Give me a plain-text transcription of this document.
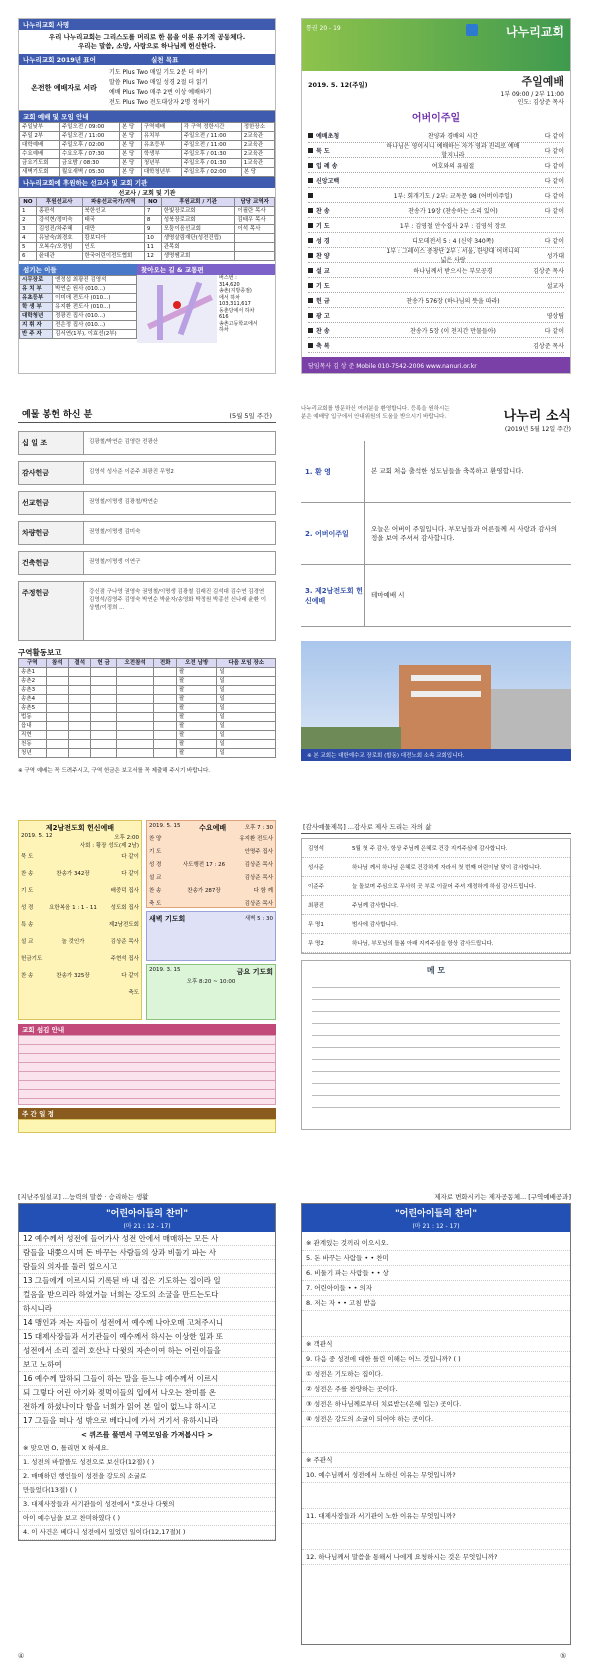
나누리교회 사명
우리 나누리교회는 그리스도를 머리로 한 몸을 이룬 유기적 공동체다.
우리는 말씀, 소망, 사랑으로 하나님께 헌신한다.
나누리교회 2019년 표어	실천 목표
온전한 예배자로 서라
기도 Plus Two 매일 기도 2분 더 하기
말씀 Plus Two 매일 성경 2절 더 읽기
예배 Plus Two 매주 2번 이상 예배하기
전도 Plus Two 전도대상자 2명 정하기
교회 예배 및 모임 안내
주일낮부	주일오전 / 09:00	본 당	구역예배	각 구역 정한시간	정한장소
주일 2부	주일오전 / 11:00	본 당	유치부	주일오전 / 11:00	2교육관
대학예배	주일오후 / 02:00	본 당	유초등부	주일오전 / 11:00	2교육관
수요예배	수요오후 / 07:30	본 당	학생부	주일오후 / 01:30	2교육관
금요기도회	금요밤 / 08:30	본 당	청년부	주일오후 / 01:30	1교육관
새벽기도회	월요새벽 / 05:30	본 당	대학청년부	주일오후 / 02:00	본 당
나누리교회에 후원하는 선교사 및 교회 기관
선교사 / 교회 및 기관
NO	후원선교사	파송선교국가/지역	NO	후원교회 / 기관	담당 교역자
1	홍판석	북한선교	7	한빛장로교회	이필란 목사
2	강석현/정미숙	태국	8	성북장로교회	김태우 목사
3	김성진/차주혜	대만	9	모둠이음선교회	이석 목사
4	유남숙/최경호	캄보디아	10	생명살림재단(성전건립)	
5	오복수/오정임	인도	11	관목회	
6	윤대관	한국어린이전도협회	12	생명쌤교회	
섬기는 이들
시무장로	엔정섭 최광진 김영석
유 치 부	박연순 원사 (010...)
유초등부	이미애 전도사 (010...)
학 생 부	유지환 전도사 (010...)
대학청년	정광진 집사 (010...)
지 휘 자	전은정 집사 (010...)
반 주 자	김서연(1부), 이효선(2부)
찾아오는 길 & 교통편
버스번 :
314,620
송촌(지방종점)
에서 하차
103,311,617
동춘당에서 하차
616
송촌고등학교에서
하차
통권 20 - 19	나누리교회
2019. 5. 12(주일)	주일예배
1부 09:00 / 2부 11:00
인도: 김상준 목사
어버이주일
예배초청	찬양과 경배의 시간	다 같이
묵 도
하나님은 영이시니 예배하는 자가 영과 진리로 예배할지니라
다 같이
입 례 송	여호와의 유월절	다 같이
신앙고백	다 같이
1부: 회개기도 / 2부: 교독문 98 (어버이주일)	다 같이
찬 송	찬송가 19장 (찬송하는 소리 있어)	다 같이
기 도	1부 : 김영철 안수집사 2부 : 김영석 장로
성 경	디모데전서 5 : 4 (신약 340쪽)	다 같이
찬 양
1부 : 그레이스 중창단 2부 : 서울, 한양대 어머니의 넓은 사랑
성가대
설 교	하나님께서 받으시는 부모공경	김상준 목사
기 도	설교자
헌 금	찬송가 576장 (하나님의 뜻을 따라)
광 고	영상팀
찬 송	찬송가 5장 (이 천지간 만물들아)	다 같이
축 복	김상준 목사
담임목사 김 상 준 Mobile 010-7542-2006 www.nanuri.or.kr
예물 봉헌 하신 분	(5월 5일 주간)
십 일 조	김광철/박연순 김영란 전광산
감사헌금	김영석 성사준 이준주 최광진 무명2
선교헌금	권영철/이명생 김광철/박연순
차량헌금	권영철/이명생 김미숙
건축헌금	권영철/이명생 이연구
주정헌금	강신점 구나영 권영숙 권영철/이명생 김광철 김래진 김석대 김수연 김경연 김영석/김영주 김영숙 박연순 박윤자/송영화 박정원 박종선 신나래 윤환 이상범/이정희 ...
구역활동보고
구역	참석	결석	헌 금	오전참석	전화	오전 남방	다음 모임 장소
송촌1						팔	일
송촌2						팔	일
송촌3						팔	일
송촌4						팔	일
송촌5						팔	일
법동						팔	일
읍내						팔	일
직현						팔	일
천동						팔	일
청년						팔	일
※ 구역 예배는 꼭 드려주시고, 구역 헌금은 보고서를 꼭 제출해 주시기 바랍니다.
나누리교회를 방문하신 여러분을 환영합니다. 등록을 원하시는 분은 예배당 입구에서 안내위원의 도움을 받으시기 바랍니다.	나누리 소식
(2019년 5월 12일 주간)
1. 환 영	본 교회 처음 출석한 성도님들을 축복하고 환영합니다.
2. 어버이주일
오늘은 어버이 주일입니다. 부모님들과 어른들께 서 사랑과 감사의 정을 보여 주셔서 감사합니다.
3. 제2남전도회 헌신예배
테마예배 시
※ 본 교회는 대한예수교 장로회 (합동) 대전노회 소속 교회입니다.
제2남전도회 헌신예배
2019. 5. 12	오후 2:00
사회 : 황장 성도(제 2남)
묵 도	다 같이
찬 송	찬송가 342장	다 같이
기 도	배중덕 집사
성 경	요한복음 1 : 1 - 11	성도회 집사
특 송	제2남전도회
설 교	놀 것인가	김상준 목사
헌금기도	주현석 집사
찬 송	찬송가 325장	다 같이
축도
2019. 5. 15	수요예배	오후 7 : 30
찬 양	유지환 전도사
기 도	안명주 집사
성 경	사도행전 17 : 26	김상준 목사
설 교	김상준 목사
찬 송	찬송가 287장	다 함 께
축 도	김상준 목사
새벽 기도회	새벽 5 : 30
2019. 3. 15	금요 기도회
오후 8:20 ~ 10:00
교회 섬김 안내
주 간 일 정
[감사예물제목] ...감사로 제사 드리는 자의 삶
김영석	5월 첫 주 감사, 항상 주님께 은혜로 건강 지켜주심에 감사합니다.
성사준	하나님 께서 하나님 은혜로 건강하게 자라서 첫 번째 어린이날 맞이 감사합니다.
이준주	늘 돌보며 주심으로 무사히 곳 부로 이끌어 주셔 재정하게 하심 감사드립니다.
최광진	주님께 감사합니다.
무 명1	범사에 감사합니다.
무 명2	하나님, 부모님의 돌봄 아래 지켜주심을 항상 감사드립니다.
메 모
[지난주일설교] ...능력의 말씀 · 승리하는 생활
"어린아이들의 찬미"
(마 21 : 12 - 17)
12 예수께서 성전에 들어가사 성전 안에서 매매하는 모든 사
람들을 내쫓으시며 돈 바꾸는 사람들의 상과 비둘기 파는 사
람들의 의자를 둘러 엎으시고
13 그들에게 이르시되 기록된 바 내 집은 기도하는 집이라 일
컬음을 받으리라 하였거늘 너희는 강도의 소굴을 만드는도다
하시니라
14 맹인과 저는 자들이 성전에서 예수께 나아오매 고쳐주시니
15 대제사장들과 서기관들이 예수께서 하시는 이상한 일과 또
성전에서 소리 질러 호산나 다윗의 자손이여 하는 어린이들을
보고 노하여
16 예수께 말하되 그들이 하는 말을 듣느냐 예수께서 이르시
되 그렇다 어린 아기와 젖먹이들의 입에서 나오는 찬미를 온
전하게 하셨나이다 함을 너희가 읽어 본 일이 없느냐 하시고
17 그들을 떠나 성 밖으로 베다니에 가서 거기서 유하시니라
< 퀴즈를 풀면서 구역모임을 가져봅시다 >
※ 맞으면 O, 틀리면 X 하세요.
1. 성전의 바깥뜰도 성전으로 보신다(12절) ( )
2. 매매하던 행인들이 성전을 강도의 소굴로
만들었다(13절) ( )
3. 대제사장들과 서기관들이 성전에서 "호산나 다윗의
아이 예수님을 보고 찬미하였다 ( )
4. 이 사건은 베다니 성전에서 있었던 일이다(12,17절)( )
④
제자로 변화시키는 제자공동체... [구역예배공과]
"어린아이들의 찬미"
(마 21 : 12 - 17)
※ 관계있는 것끼리 이으시오.
5. 돈 바꾸는 사람들 • • 찬미
6. 비둘기 파는 사람들 • • 상
7. 어린아이들 • • 의자
8. 저는 자 • • 고침 받음
※ 객관식
9. 다음 중 성전에 대한 틀린 이해는 어느 것입니까? ( )
① 성전은 기도하는 집이다.
② 성전은 주를 찬양하는 곳이다.
③ 성전은 하나님께로부터 치료받는(은혜 입는) 곳이다.
④ 성전은 강도의 소굴이 되어야 하는 곳이다.
※ 주관식
10. 예수님께서 성전에서 노하신 이유는 무엇입니까?
11. 대제사장들과 서기관이 노한 이유는 무엇입니까?
12. 하나님께서 말씀을 통해서 나에게 요청하시는 것은 무엇입니까?
⑤
